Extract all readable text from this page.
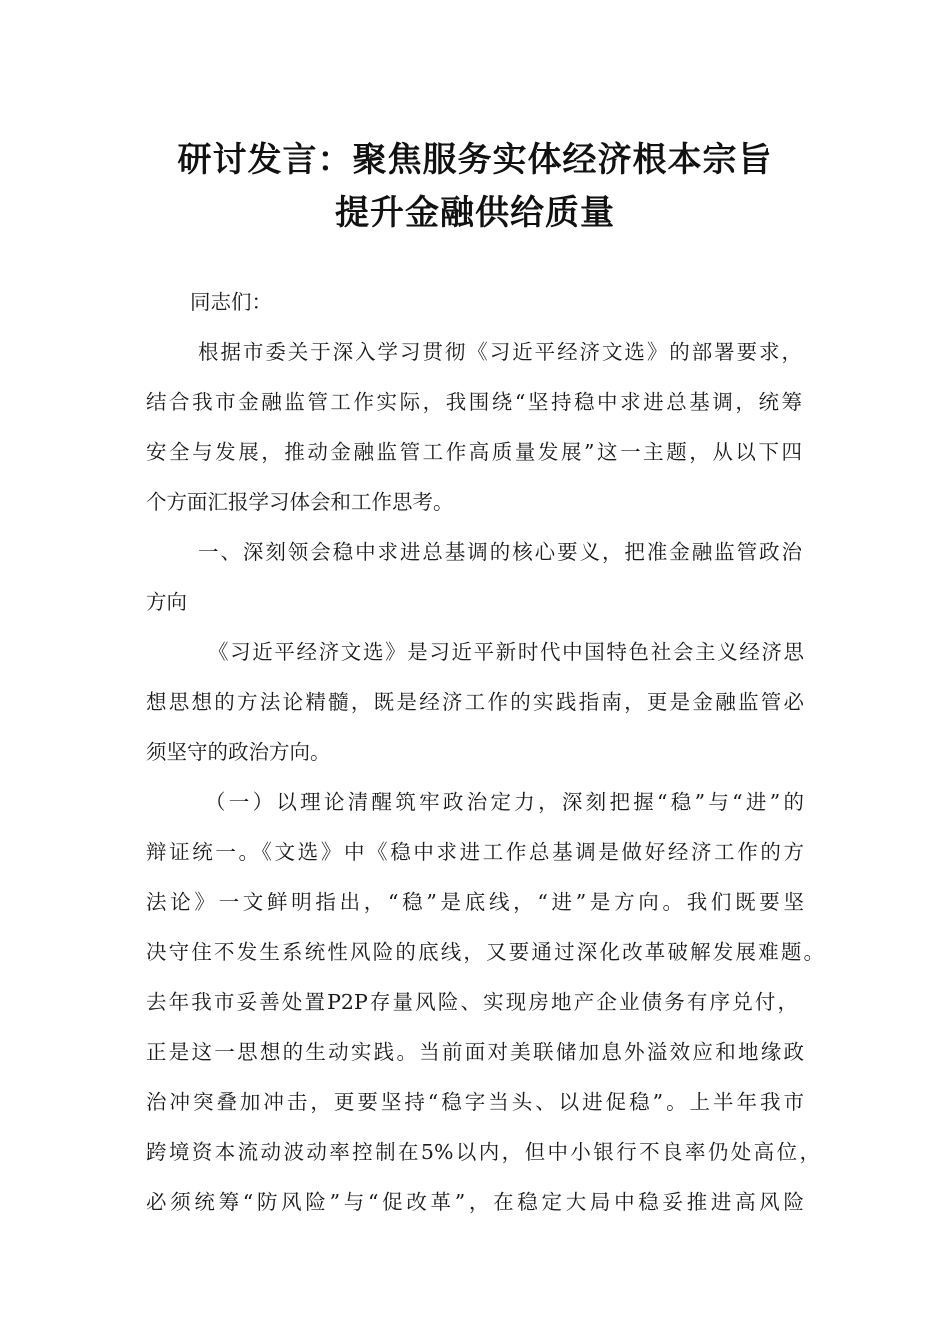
研讨发言：聚焦服务实体经济根本宗旨
提升金融供给质量
同志们：
根据市委关于深入学习贯彻《习近平经济文选》的部署要求，
结合我市金融监管工作实际，我围绕“坚持稳中求进总基调，统筹
安全与发展，推动金融监管工作高质量发展”这一主题，从以下四
个方面汇报学习体会和工作思考。
一、深刻领会稳中求进总基调的核心要义，把准金融监管政治
方向
《习近平经济文选》是习近平新时代中国特色社会主义经济思
想思想的方法论精髓，既是经济工作的实践指南，更是金融监管必
须坚守的政治方向。
（一）以理论清醒筑牢政治定力，深刻把握“稳”与“进”的
辩证统一。《文选》中《稳中求进工作总基调是做好经济工作的方
法论》一文鲜明指出，“稳”是底线，“进”是方向。我们既要坚
决守住不发生系统性风险的底线，又要通过深化改革破解发展难题。
去年我市妥善处置P2P存量风险、实现房地产企业债务有序兑付，
正是这一思想的生动实践。当前面对美联储加息外溢效应和地缘政
治冲突叠加冲击，更要坚持“稳字当头、以进促稳”。上半年我市
跨境资本流动波动率控制在5%以内，但中小银行不良率仍处高位，
必须统筹“防风险”与“促改革”，在稳定大局中稳妥推进高风险
